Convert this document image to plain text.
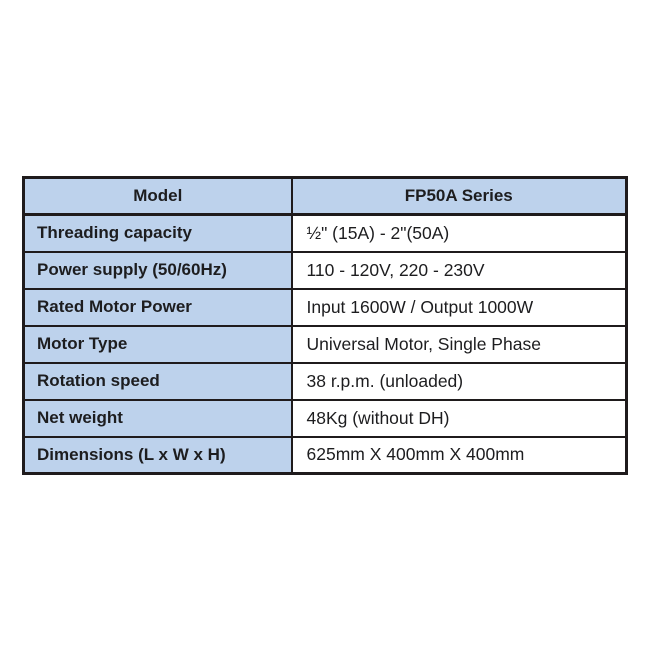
Model	FP50A Series
Threading capacity	½" (15A) - 2"(50A)
Power supply (50/60Hz)	110 - 120V, 220 - 230V
Rated Motor Power	Input 1600W / Output 1000W
Motor Type	Universal Motor, Single Phase
Rotation speed	38 r.p.m. (unloaded)
Net weight	48Kg (without DH)
Dimensions (L x W x H)	625mm X 400mm X 400mm
